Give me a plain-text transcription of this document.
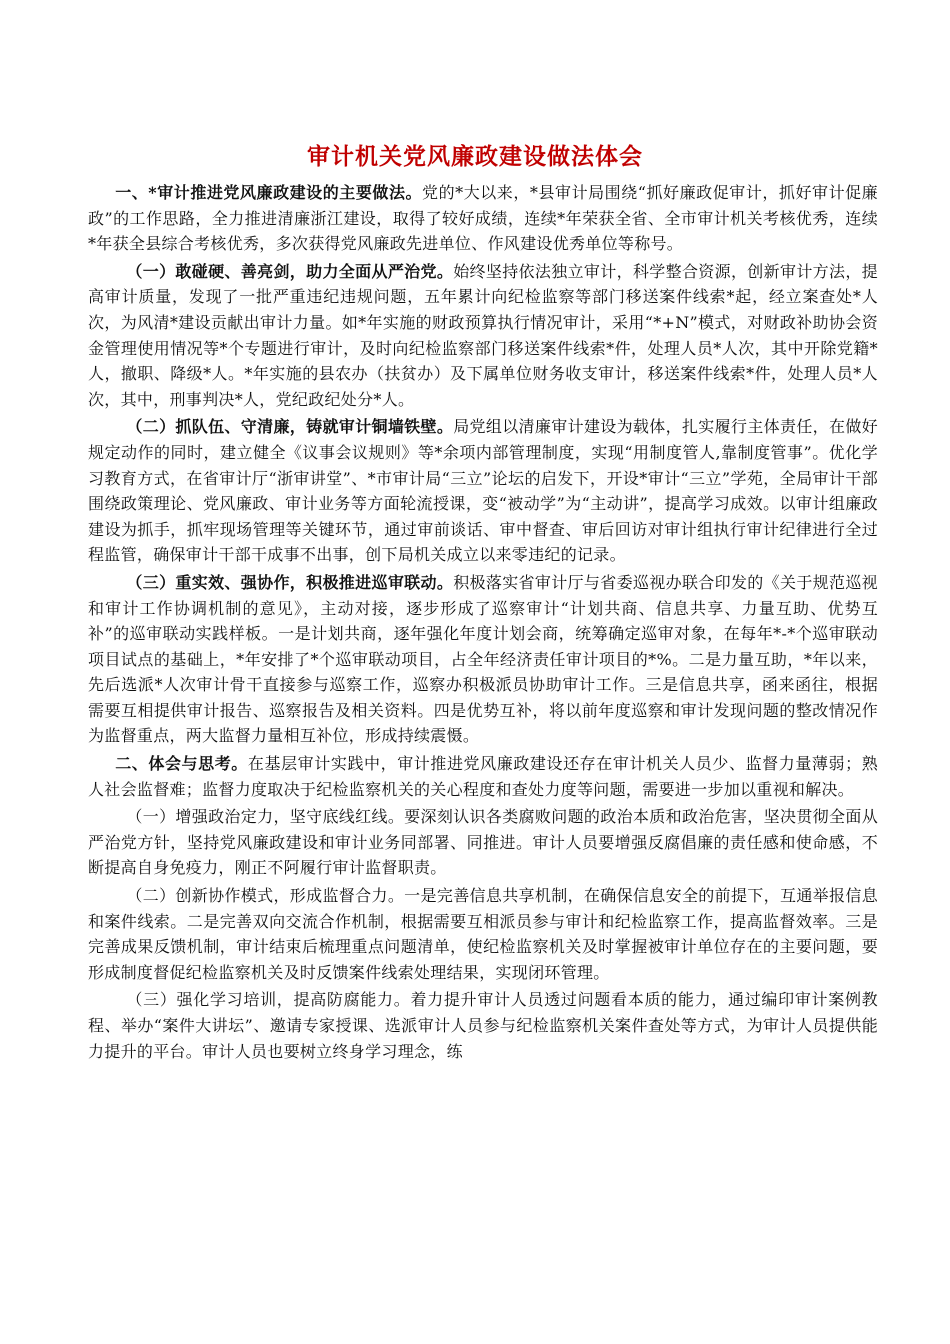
审计机关党风廉政建设做法体会

一、*审计推进党风廉政建设的主要做法。党的*大以来，*县审计局围绕“抓好廉政促审计，抓好审计促廉政”的工作思路，全力推进清廉浙江建设，取得了较好成绩，连续*年荣获全省、全市审计机关考核优秀，连续*年获全县综合考核优秀，多次获得党风廉政先进单位、作风建设优秀单位等称号。

（一）敢碰硬、善亮剑，助力全面从严治党。始终坚持依法独立审计，科学整合资源，创新审计方法，提高审计质量，发现了一批严重违纪违规问题，五年累计向纪检监察等部门移送案件线索*起，经立案查处*人次，为风清*建设贡献出审计力量。如*年实施的财政预算执行情况审计，采用“*+N”模式，对财政补助协会资金管理使用情况等*个专题进行审计，及时向纪检监察部门移送案件线索*件，处理人员*人次，其中开除党籍*人，撤职、降级*人。*年实施的县农办（扶贫办）及下属单位财务收支审计，移送案件线索*件，处理人员*人次，其中，刑事判决*人，党纪政纪处分*人。

（二）抓队伍、守清廉，铸就审计铜墙铁壁。局党组以清廉审计建设为载体，扎实履行主体责任，在做好规定动作的同时，建立健全《议事会议规则》等*余项内部管理制度，实现“用制度管人,靠制度管事”。优化学习教育方式，在省审计厅“浙审讲堂”、*市审计局“三立”论坛的启发下，开设*审计“三立”学苑，全局审计干部围绕政策理论、党风廉政、审计业务等方面轮流授课，变“被动学”为“主动讲”，提高学习成效。以审计组廉政建设为抓手，抓牢现场管理等关键环节，通过审前谈话、审中督查、审后回访对审计组执行审计纪律进行全过程监管，确保审计干部干成事不出事，创下局机关成立以来零违纪的记录。

（三）重实效、强协作，积极推进巡审联动。积极落实省审计厅与省委巡视办联合印发的《关于规范巡视和审计工作协调机制的意见》，主动对接，逐步形成了巡察审计“计划共商、信息共享、力量互助、优势互补”的巡审联动实践样板。一是计划共商，逐年强化年度计划会商，统筹确定巡审对象，在每年*-*个巡审联动项目试点的基础上，*年安排了*个巡审联动项目，占全年经济责任审计项目的*%。二是力量互助，*年以来，先后选派*人次审计骨干直接参与巡察工作，巡察办积极派员协助审计工作。三是信息共享，函来函往，根据需要互相提供审计报告、巡察报告及相关资料。四是优势互补，将以前年度巡察和审计发现问题的整改情况作为监督重点，两大监督力量相互补位，形成持续震慑。

二、体会与思考。在基层审计实践中，审计推进党风廉政建设还存在审计机关人员少、监督力量薄弱；熟人社会监督难；监督力度取决于纪检监察机关的关心程度和查处力度等问题，需要进一步加以重视和解决。

（一）增强政治定力，坚守底线红线。要深刻认识各类腐败问题的政治本质和政治危害，坚决贯彻全面从严治党方针，坚持党风廉政建设和审计业务同部署、同推进。审计人员要增强反腐倡廉的责任感和使命感，不断提高自身免疫力，刚正不阿履行审计监督职责。

（二）创新协作模式，形成监督合力。一是完善信息共享机制，在确保信息安全的前提下，互通举报信息和案件线索。二是完善双向交流合作机制，根据需要互相派员参与审计和纪检监察工作，提高监督效率。三是完善成果反馈机制，审计结束后梳理重点问题清单，使纪检监察机关及时掌握被审计单位存在的主要问题，要形成制度督促纪检监察机关及时反馈案件线索处理结果，实现闭环管理。

（三）强化学习培训，提高防腐能力。着力提升审计人员透过问题看本质的能力，通过编印审计案例教程、举办“案件大讲坛”、邀请专家授课、选派审计人员参与纪检监察机关案件查处等方式，为审计人员提供能力提升的平台。审计人员也要树立终身学习理念，练
